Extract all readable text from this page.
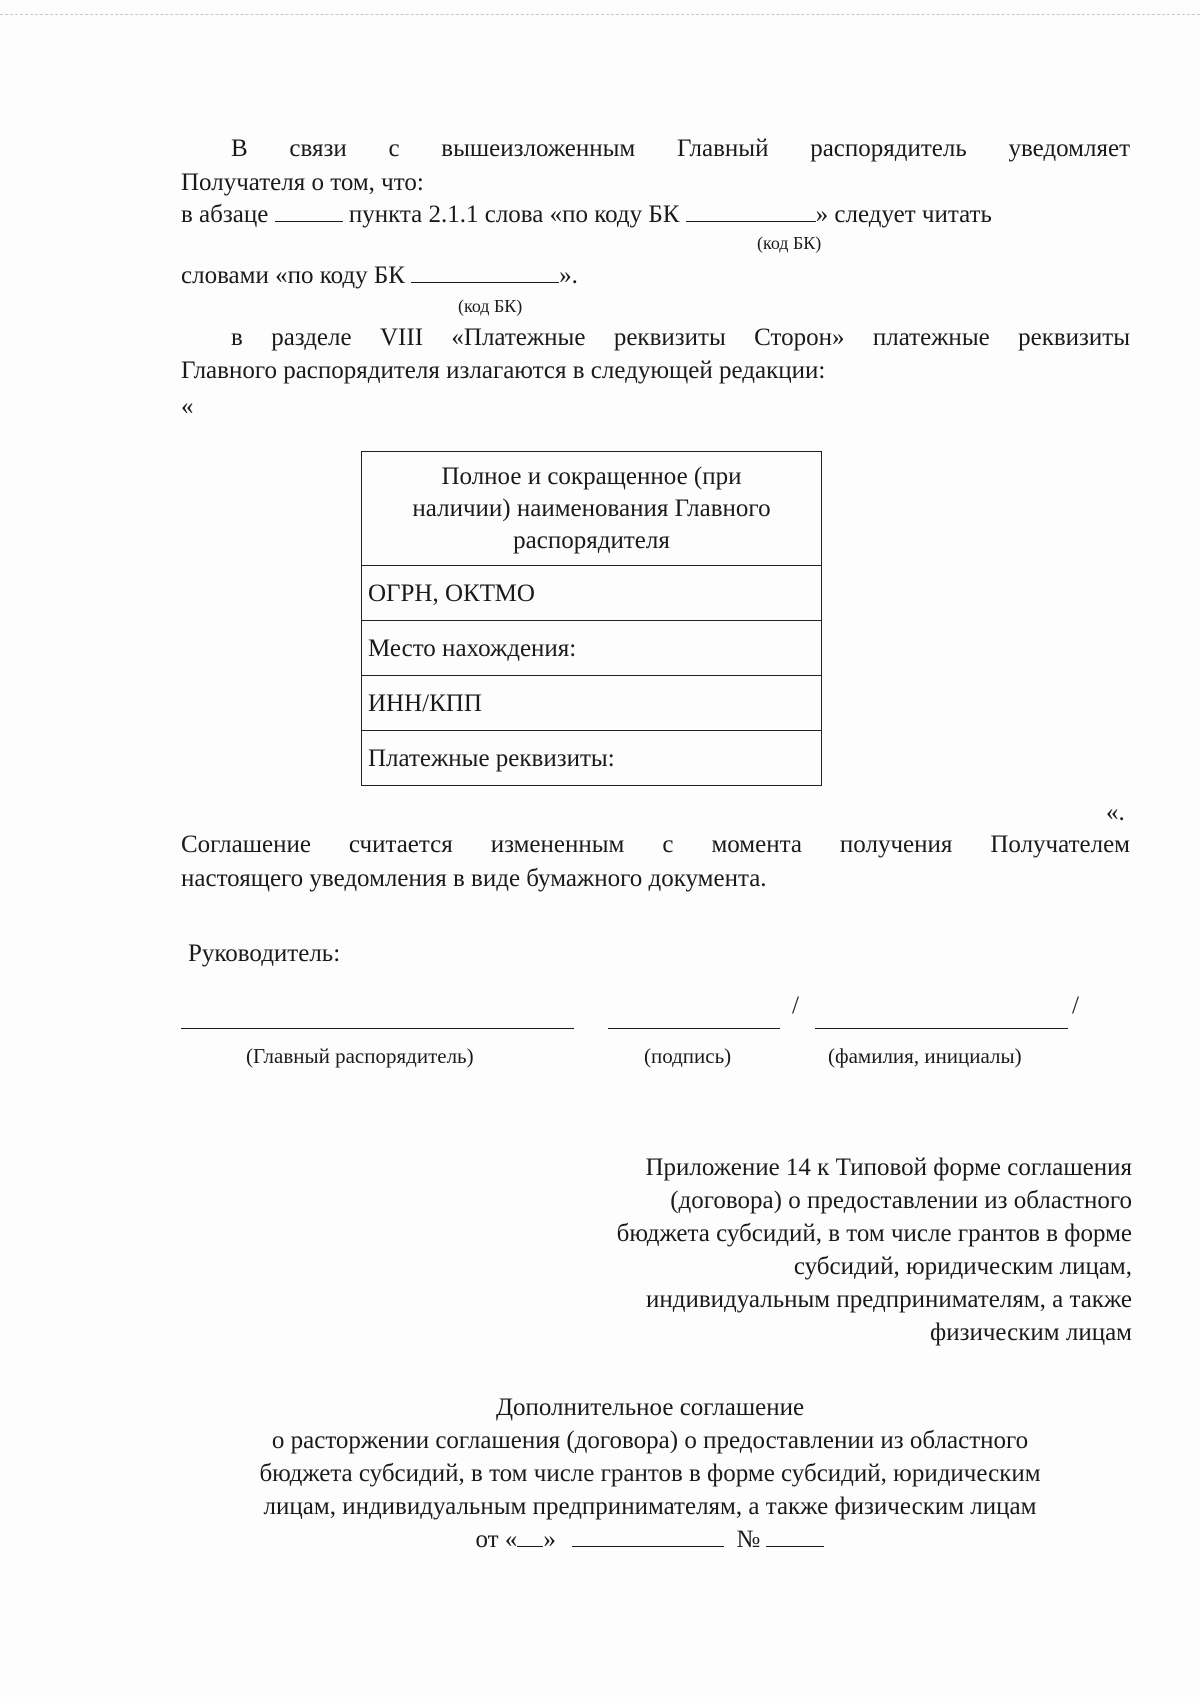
В связи с вышеизложенным Главный распорядитель уведомляет
Получателя о том, что:
в абзаце	пункта 2.1.1 слова «по коду БК	» следует читать
(код БК)
словами «по коду БК	».
(код БК)
в разделе VIII «Платежные реквизиты Сторон» платежные реквизиты
Главного распорядителя излагаются в следующей редакции:
«
Полное и сокращенное (при
наличии) наименования Главного
распорядителя

ОГРН, ОКТМО
Место нахождения:
ИНН/КПП
Платежные реквизиты:
«.
Соглашение считается измененным с момента получения Получателем
настоящего уведомления в виде бумажного документа.
Руководитель:
/	/
(Главный распорядитель)	(подпись)	(фамилия, инициалы)
Приложение 14 к Типовой форме соглашения
(договора) о предоставлении из областного
бюджета субсидий, в том числе грантов в форме
субсидий, юридическим лицам,
индивидуальным предпринимателям, а также
физическим лицам
Дополнительное соглашение
о расторжении соглашения (договора) о предоставлении из областного
бюджета субсидий, в том числе грантов в форме субсидий, юридическим
лицам, индивидуальным предпринимателям, а также физическим лицам
от « »	№
